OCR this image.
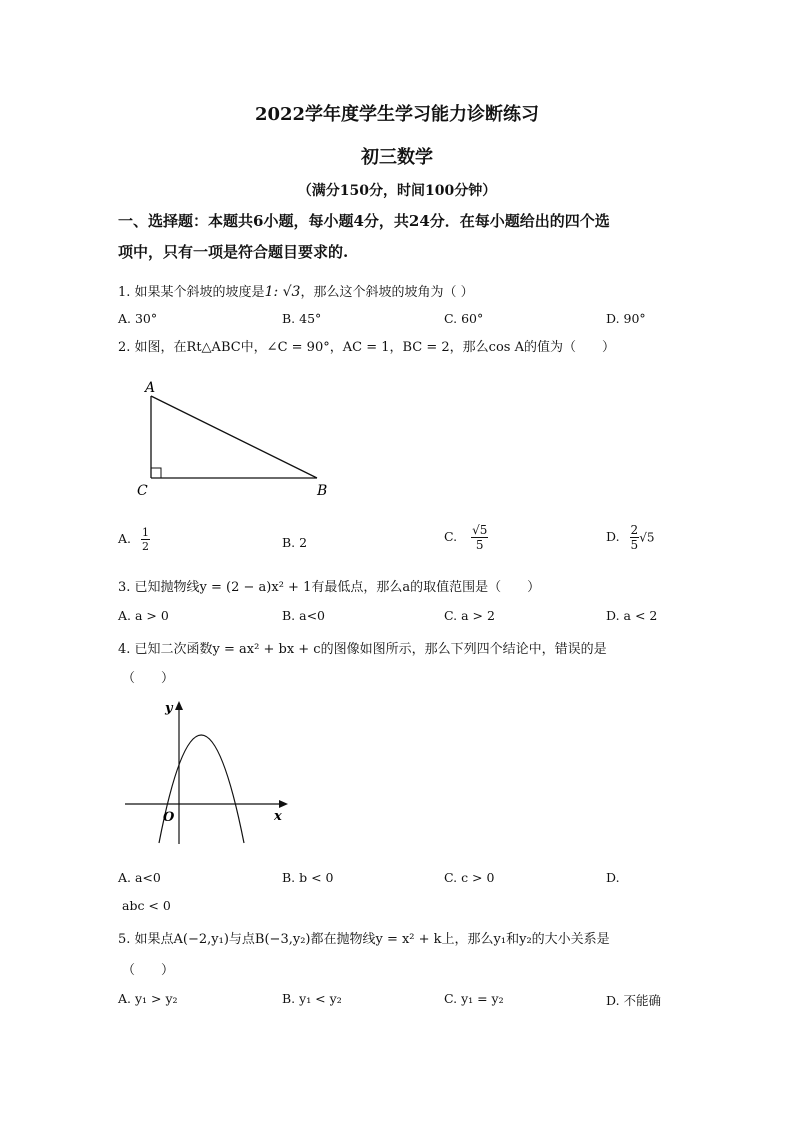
2022学年度学生学习能力诊断练习
初三数学
（满分150分，时间100分钟）
一、选择题：本题共6小题，每小题4分，共24分．在每小题给出的四个选
项中，只有一项是符合题目要求的.
1. 如果某个斜坡的坡度是1: √3，那么这个斜坡的坡角为（ ）
A. 30°	B. 45°	C. 60°	D. 90°
2. 如图，在Rt△ABC中，∠C = 90°，AC = 1，BC = 2，那么cos A的值为（　　）
A
C	B
A. $\frac{1}{2}$	B. 2	C. $\frac{√5}{5}$	D. $\frac{2}{5} √5$
3. 已知抛物线y = (2 − a)x² + 1有最低点，那么a的取值范围是（　　）
A. a > 0	B. a<0	C. a > 2	D. a < 2
4. 已知二次函数y = ax² + bx + c的图像如图所示，那么下列四个结论中，错误的是
（　　）
y
x
O
A. a<0	B. b < 0	C. c > 0	D.
abc < 0
5. 如果点A(−2,y₁)与点B(−3,y₂)都在抛物线y = x² + k上，那么y₁和y₂的大小关系是
（　　）
A. y₁ > y₂	B. y₁ < y₂	C. y₁ = y₂	D. 不能确
